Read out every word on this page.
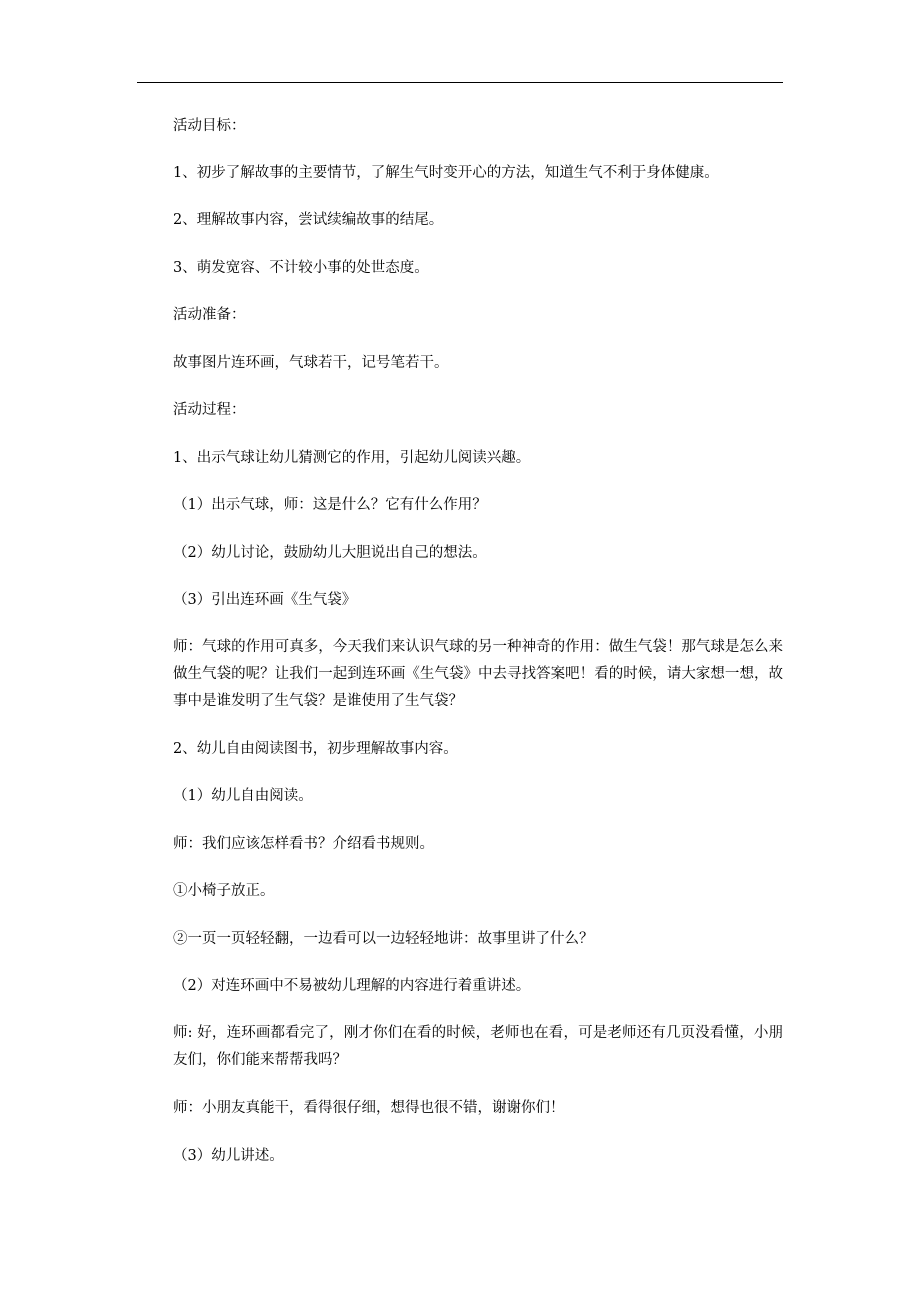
活动目标：

1、初步了解故事的主要情节，了解生气时变开心的方法，知道生气不利于身体健康。

2、理解故事内容，尝试续编故事的结尾。

3、萌发宽容、不计较小事的处世态度。

活动准备：

故事图片连环画，气球若干，记号笔若干。

活动过程：

1、出示气球让幼儿猜测它的作用，引起幼儿阅读兴趣。

（1）出示气球，师：这是什么？它有什么作用？

（2）幼儿讨论，鼓励幼儿大胆说出自己的想法。

（3）引出连环画《生气袋》

师：气球的作用可真多，今天我们来认识气球的另一种神奇的作用：做生气袋！那气球是怎么来做生气袋的呢？让我们一起到连环画《生气袋》中去寻找答案吧！看的时候，请大家想一想，故事中是谁发明了生气袋？是谁使用了生气袋？

2、幼儿自由阅读图书，初步理解故事内容。

（1）幼儿自由阅读。

师：我们应该怎样看书？介绍看书规则。

①小椅子放正。

②一页一页轻轻翻，一边看可以一边轻轻地讲：故事里讲了什么？

（2）对连环画中不易被幼儿理解的内容进行着重讲述。

师: 好，连环画都看完了，刚才你们在看的时候，老师也在看，可是老师还有几页没看懂，小朋友们，你们能来帮帮我吗？

师：小朋友真能干，看得很仔细，想得也很不错，谢谢你们！

（3）幼儿讲述。
